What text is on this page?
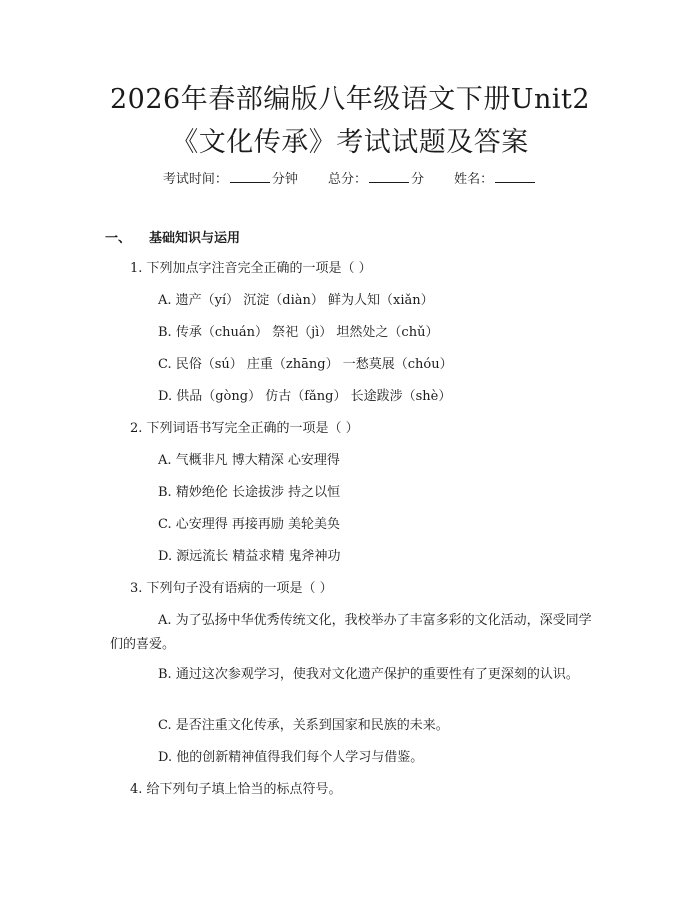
2026年春部编版八年级语文下册Unit2《文化传承》考试试题及答案
考试时间：	分钟 总分：	分 姓名：
一、 基础知识与运用
1. 下列加点字注音完全正确的一项是（ ）
A. 遗产（yí） 沉淀（diàn） 鲜为人知（xiǎn）
B. 传承（chuán） 祭祀（jì） 坦然处之（chǔ）
C. 民俗（sú） 庄重（zhāng） 一愁莫展（chóu）
D. 供品（gòng） 仿古（fǎng） 长途跋涉（shè）
2. 下列词语书写完全正确的一项是（ ）
A. 气概非凡 博大精深 心安理得
B. 精妙绝伦 长途拔涉 持之以恒
C. 心安理得 再接再励 美轮美奂
D. 源远流长 精益求精 鬼斧神功
3. 下列句子没有语病的一项是（ ）
A. 为了弘扬中华优秀传统文化，我校举办了丰富多彩的文化活动，深受同学们的喜爱。
B. 通过这次参观学习，使我对文化遗产保护的重要性有了更深刻的认识。
C. 是否注重文化传承，关系到国家和民族的未来。
D. 他的创新精神值得我们每个人学习与借鉴。
4. 给下列句子填上恰当的标点符号。
